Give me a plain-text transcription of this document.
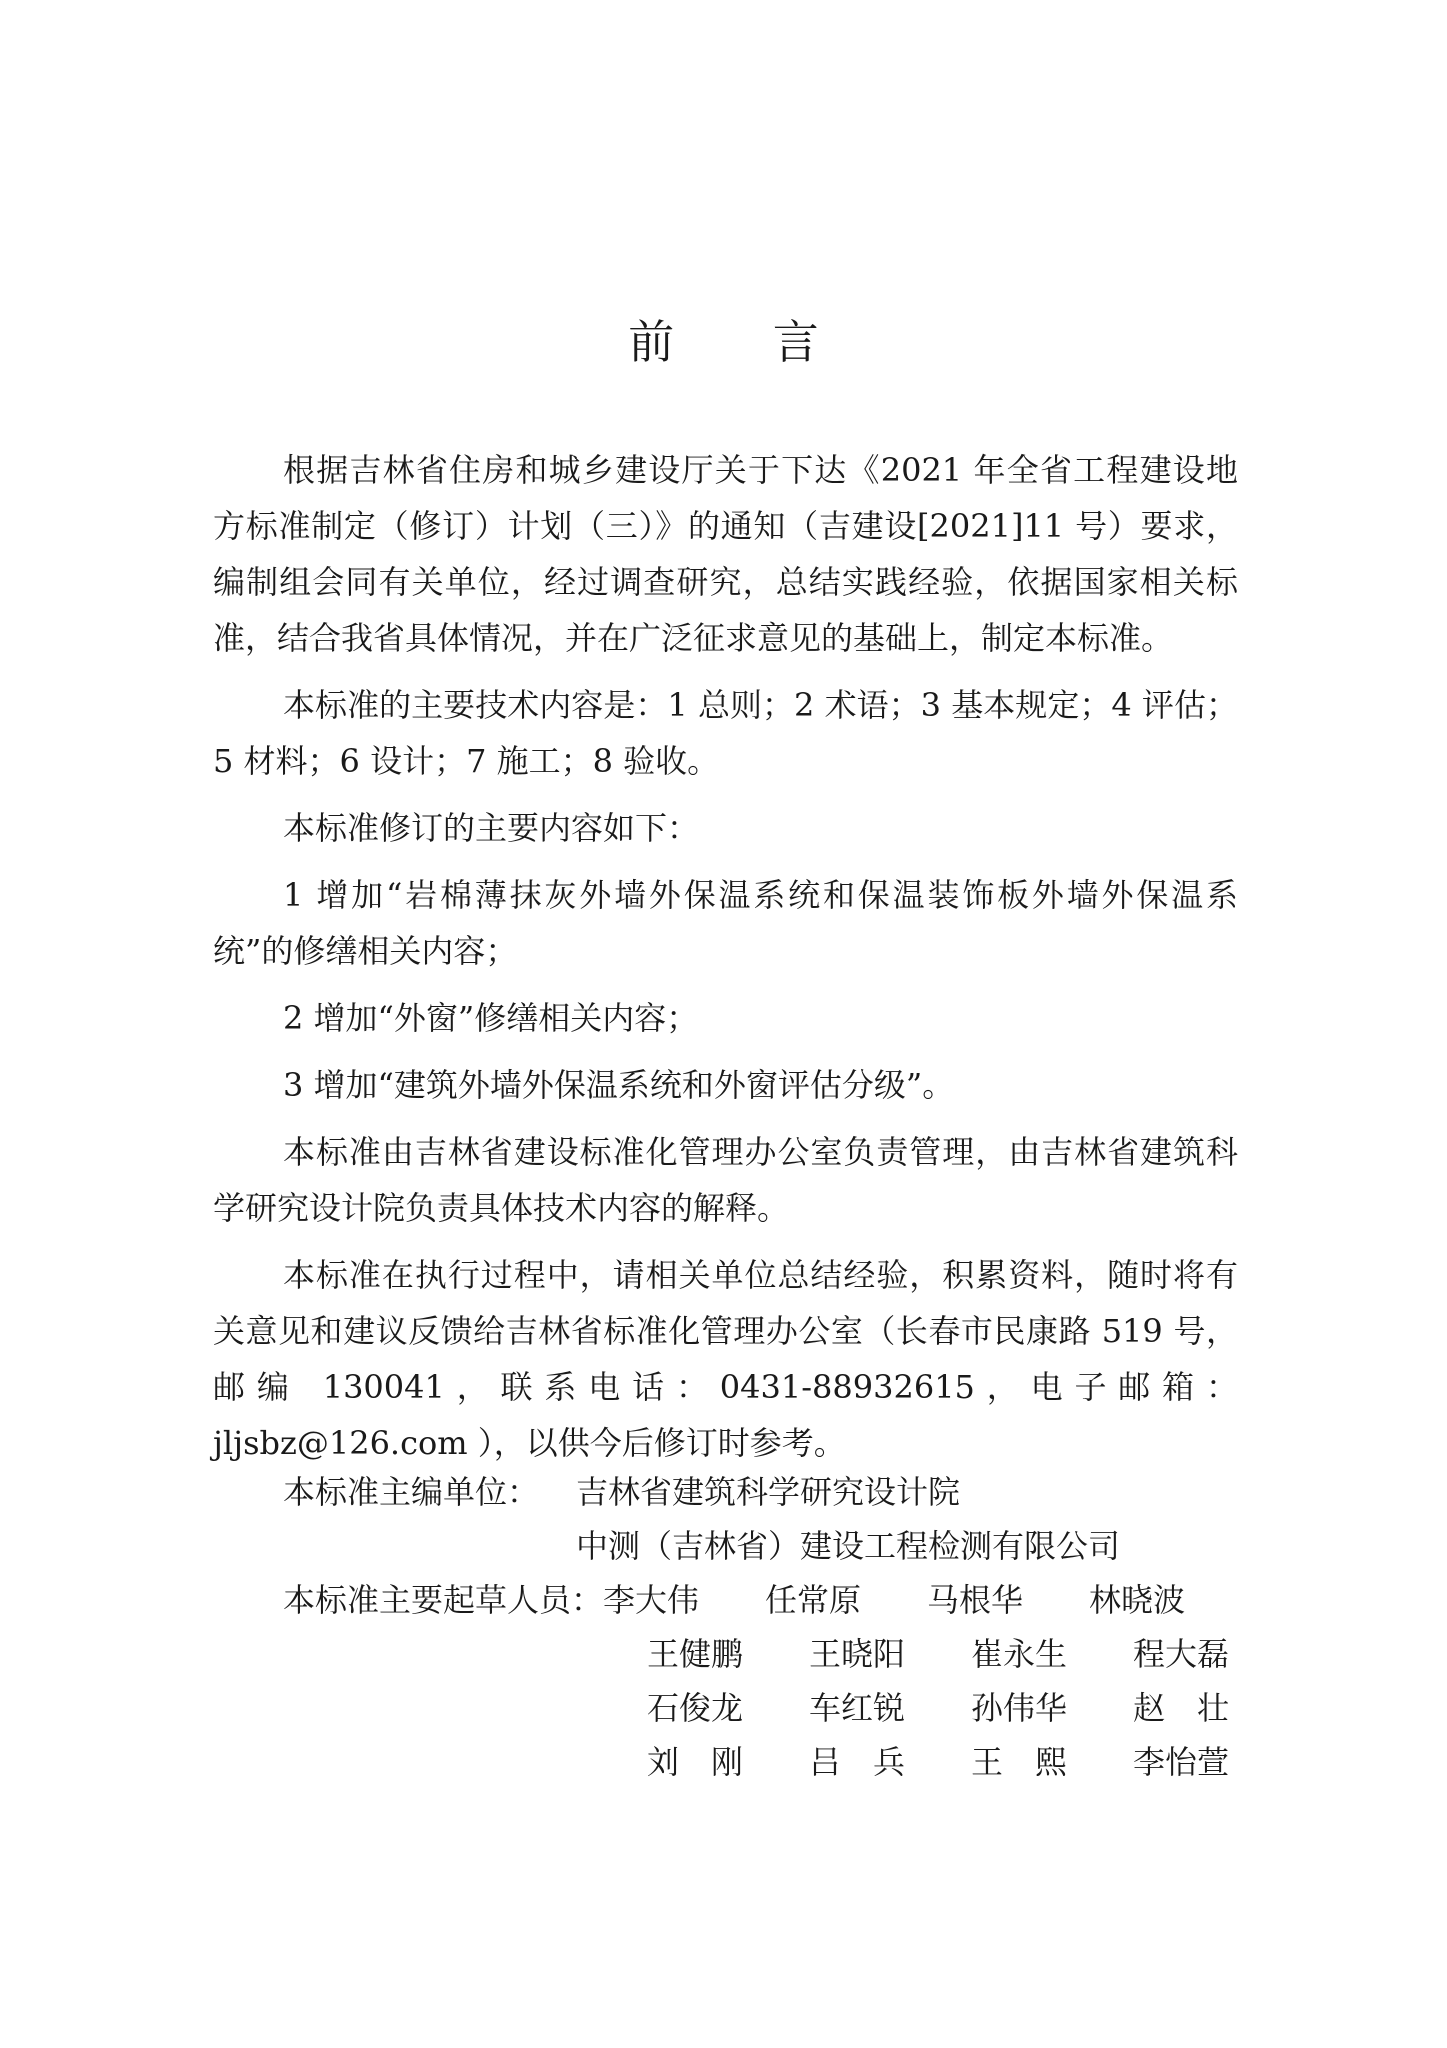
前 言

根据吉林省住房和城乡建设厅关于下达《2021 年全省工程建设地方标准制定（修订）计划（三）》的通知（吉建设[2021]11 号）要求，编制组会同有关单位，经过调查研究，总结实践经验，依据国家相关标准，结合我省具体情况，并在广泛征求意见的基础上，制定本标准。

本标准的主要技术内容是：1 总则；2 术语；3 基本规定；4 评估；5 材料；6 设计；7 施工；8 验收。

本标准修订的主要内容如下：

1 增加“岩棉薄抹灰外墙外保温系统和保温装饰板外墙外保温系统”的修缮相关内容；

2 增加“外窗”修缮相关内容；

3 增加“建筑外墙外保温系统和外窗评估分级”。

本标准由吉林省建设标准化管理办公室负责管理，由吉林省建筑科学研究设计院负责具体技术内容的解释。

本标准在执行过程中，请相关单位总结经验，积累资料，随时将有关意见和建议反馈给吉林省标准化管理办公室（长春市民康路 519 号，邮编 130041，联系电话：0431-88932615，电子邮箱：jljsbz@126.com ），以供今后修订时参考。

本标准主编单位：	吉林省建筑科学研究设计院
中测（吉林省）建设工程检测有限公司
本标准主要起草人员： 李大伟	任常原	马根华	林晓波
王健鹏	王晓阳	崔永生	程大磊
石俊龙	车红锐	孙伟华	赵壮
刘刚	吕兵	王熙	李怡萱
